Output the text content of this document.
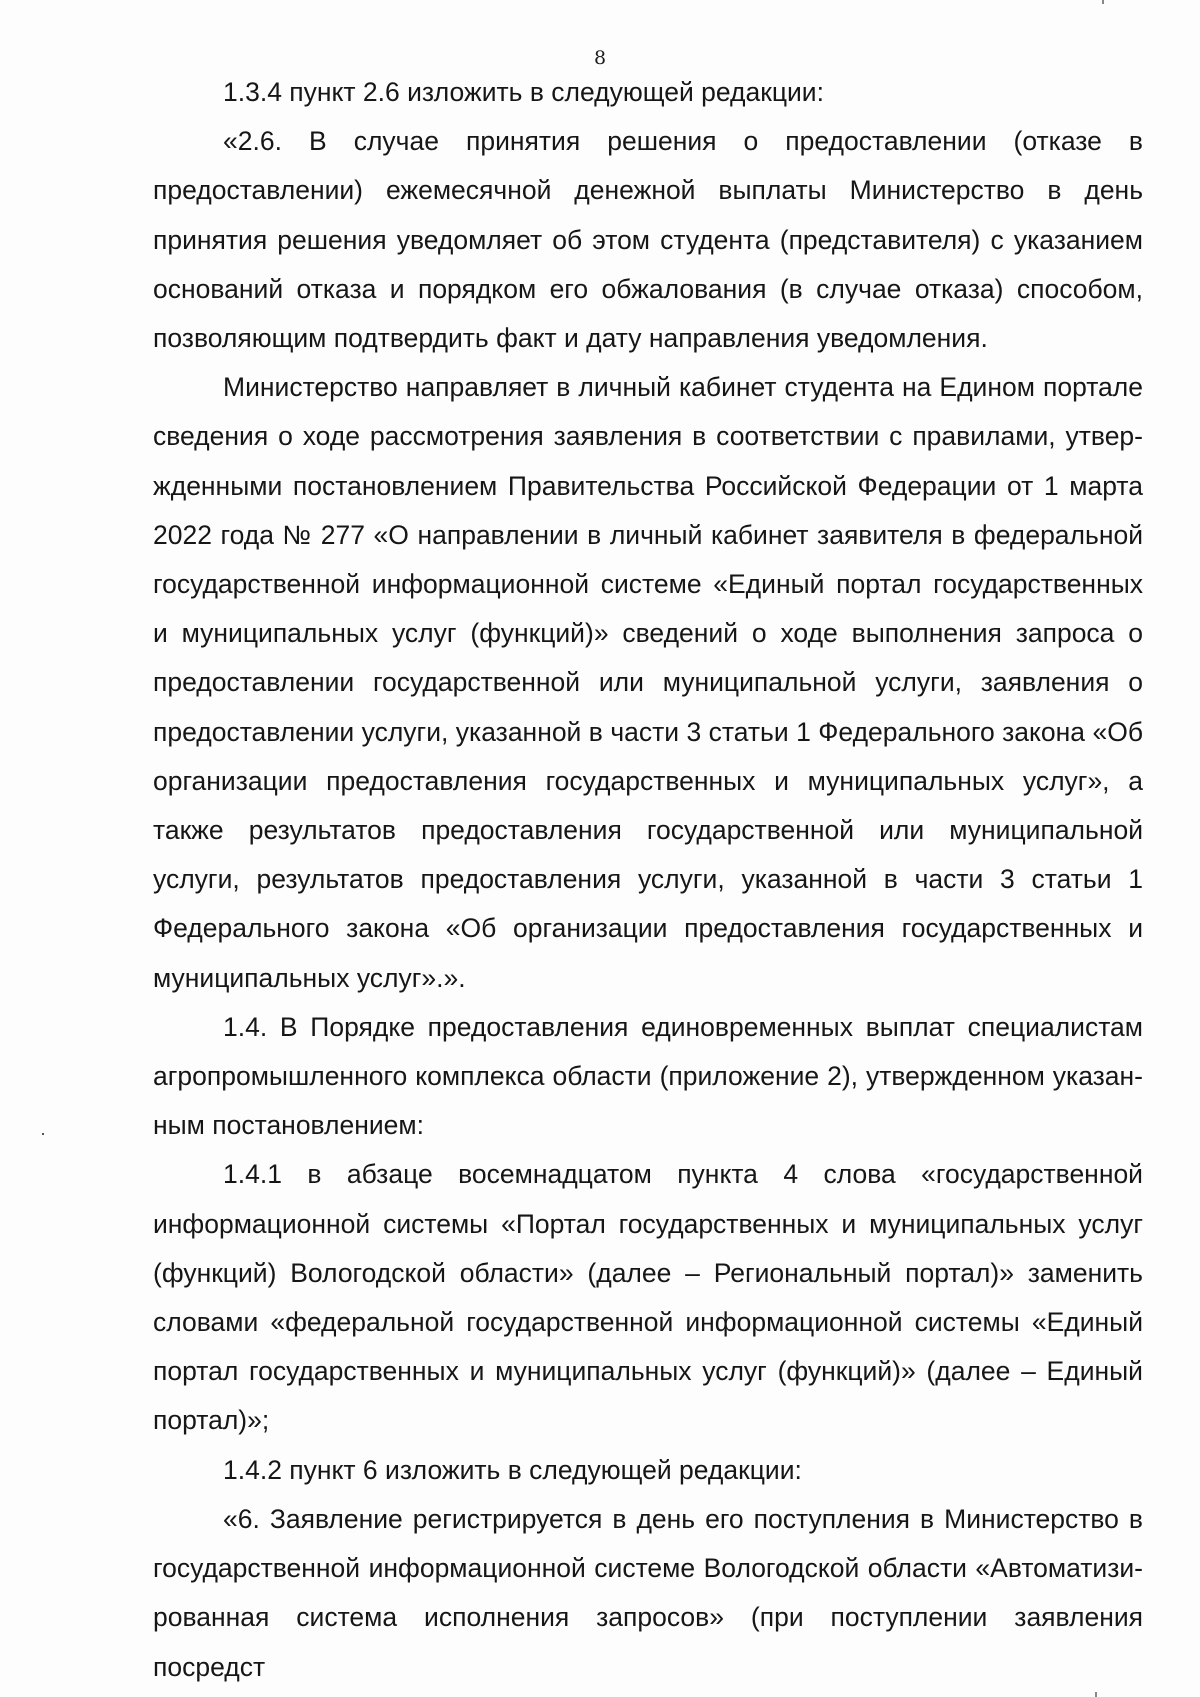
8

1.3.4 пункт 2.6 изложить в следующей редакции:

«2.6. В случае принятия решения о предоставлении (отказе в предоставлении) ежемесячной денежной выплаты Министерство в день принятия решения уведомляет об этом студента (представителя) с указанием оснований отказа и порядком его обжалования (в случае отказа) способом, позволяющим подтвердить факт и дату направления уведомления.

Министерство направляет в личный кабинет студента на Едином портале сведения о ходе рассмотрения заявления в соответствии с правилами, утвержденными постановлением Правительства Российской Федерации от 1 марта 2022 года № 277 «О направлении в личный кабинет заявителя в федеральной государственной информационной системе «Единый портал государственных и муниципальных услуг (функций)» сведений о ходе выполнения запроса о предоставлении государственной или муниципальной услуги, заявления о предоставлении услуги, указанной в части 3 статьи 1 Федерального закона «Об организации предоставления государственных и муниципальных услуг», а также результатов предоставления государственной или муниципальной услуги, результатов предоставления услуги, указанной в части 3 статьи 1 Федерального закона «Об организации предоставления государственных и муниципальных услуг».».

1.4. В Порядке предоставления единовременных выплат специалистам агропромышленного комплекса области (приложение 2), утвержденном указанным постановлением:

1.4.1 в абзаце восемнадцатом пункта 4 слова «государственной информационной системы «Портал государственных и муниципальных услуг (функций) Вологодской области» (далее – Региональный портал)» заменить словами «федеральной государственной информационной системы «Единый портал государственных и муниципальных услуг (функций)» (далее – Единый портал)»;

1.4.2 пункт 6 изложить в следующей редакции:

«6. Заявление регистрируется в день его поступления в Министерство в государственной информационной системе Вологодской области «Автоматизированная система исполнения запросов» (при поступлении заявления посредст
